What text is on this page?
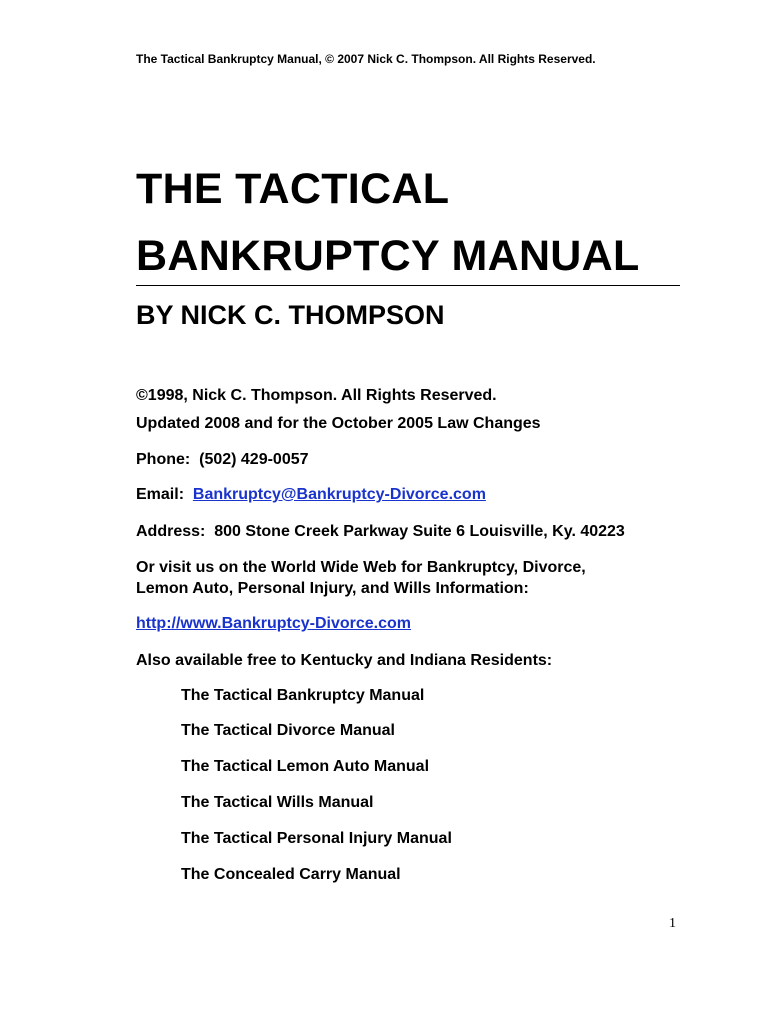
The Tactical Bankruptcy Manual, © 2007 Nick C. Thompson. All Rights Reserved.
THE TACTICAL
BANKRUPTCY MANUAL
BY NICK C. THOMPSON
©1998, Nick C. Thompson. All Rights Reserved.
Updated 2008 and for the October 2005 Law Changes
Phone: (502) 429-0057
Email: Bankruptcy@Bankruptcy-Divorce.com
Address: 800 Stone Creek Parkway Suite 6 Louisville, Ky. 40223
Or visit us on the World Wide Web for Bankruptcy, Divorce,
Lemon Auto, Personal Injury, and Wills Information:
http://www.Bankruptcy-Divorce.com
Also available free to Kentucky and Indiana Residents:
The Tactical Bankruptcy Manual
The Tactical Divorce Manual
The Tactical Lemon Auto Manual
The Tactical Wills Manual
The Tactical Personal Injury Manual
The Concealed Carry Manual
1
